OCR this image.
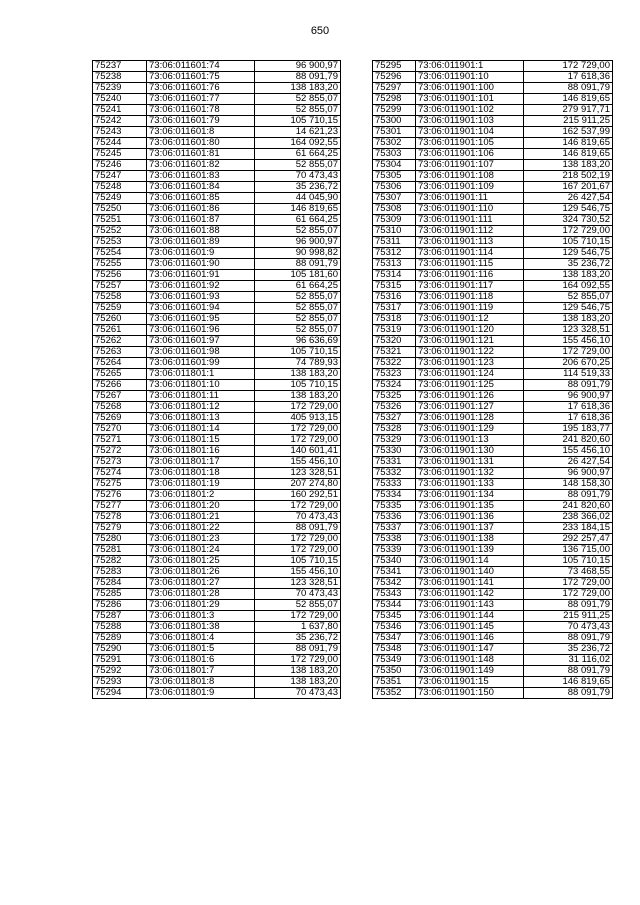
650
75237	73:06:011601:74	96 900,97
75238	73:06:011601:75	88 091,79
75239	73:06:011601:76	138 183,20
75240	73:06:011601:77	52 855,07
75241	73:06:011601:78	52 855,07
75242	73:06:011601:79	105 710,15
75243	73:06:011601:8	14 621,23
75244	73:06:011601:80	164 092,55
75245	73:06:011601:81	61 664,25
75246	73:06:011601:82	52 855,07
75247	73:06:011601:83	70 473,43
75248	73:06:011601:84	35 236,72
75249	73:06:011601:85	44 045,90
75250	73:06:011601:86	146 819,65
75251	73:06:011601:87	61 664,25
75252	73:06:011601:88	52 855,07
75253	73:06:011601:89	96 900,97
75254	73:06:011601:9	90 998,82
75255	73:06:011601:90	88 091,79
75256	73:06:011601:91	105 181,60
75257	73:06:011601:92	61 664,25
75258	73:06:011601:93	52 855,07
75259	73:06:011601:94	52 855,07
75260	73:06:011601:95	52 855,07
75261	73:06:011601:96	52 855,07
75262	73:06:011601:97	96 636,69
75263	73:06:011601:98	105 710,15
75264	73:06:011601:99	74 789,93
75265	73:06:011801:1	138 183,20
75266	73:06:011801:10	105 710,15
75267	73:06:011801:11	138 183,20
75268	73:06:011801:12	172 729,00
75269	73:06:011801:13	405 913,15
75270	73:06:011801:14	172 729,00
75271	73:06:011801:15	172 729,00
75272	73:06:011801:16	140 601,41
75273	73:06:011801:17	155 456,10
75274	73:06:011801:18	123 328,51
75275	73:06:011801:19	207 274,80
75276	73:06:011801:2	160 292,51
75277	73:06:011801:20	172 729,00
75278	73:06:011801:21	70 473,43
75279	73:06:011801:22	88 091,79
75280	73:06:011801:23	172 729,00
75281	73:06:011801:24	172 729,00
75282	73:06:011801:25	105 710,15
75283	73:06:011801:26	155 456,10
75284	73:06:011801:27	123 328,51
75285	73:06:011801:28	70 473,43
75286	73:06:011801:29	52 855,07
75287	73:06:011801:3	172 729,00
75288	73:06:011801:38	1 637,80
75289	73:06:011801:4	35 236,72
75290	73:06:011801:5	88 091,79
75291	73:06:011801:6	172 729,00
75292	73:06:011801:7	138 183,20
75293	73:06:011801:8	138 183,20
75294	73:06:011801:9	70 473,43
75295	73:06:011901:1	172 729,00
75296	73:06:011901:10	17 618,36
75297	73:06:011901:100	88 091,79
75298	73:06:011901:101	146 819,65
75299	73:06:011901:102	279 917,71
75300	73:06:011901:103	215 911,25
75301	73:06:011901:104	162 537,99
75302	73:06:011901:105	146 819,65
75303	73:06:011901:106	146 819,65
75304	73:06:011901:107	138 183,20
75305	73:06:011901:108	218 502,19
75306	73:06:011901:109	167 201,67
75307	73:06:011901:11	26 427,54
75308	73:06:011901:110	129 546,75
75309	73:06:011901:111	324 730,52
75310	73:06:011901:112	172 729,00
75311	73:06:011901:113	105 710,15
75312	73:06:011901:114	129 546,75
75313	73:06:011901:115	35 236,72
75314	73:06:011901:116	138 183,20
75315	73:06:011901:117	164 092,55
75316	73:06:011901:118	52 855,07
75317	73:06:011901:119	129 546,75
75318	73:06:011901:12	138 183,20
75319	73:06:011901:120	123 328,51
75320	73:06:011901:121	155 456,10
75321	73:06:011901:122	172 729,00
75322	73:06:011901:123	206 670,25
75323	73:06:011901:124	114 519,33
75324	73:06:011901:125	88 091,79
75325	73:06:011901:126	96 900,97
75326	73:06:011901:127	17 618,36
75327	73:06:011901:128	17 618,36
75328	73:06:011901:129	195 183,77
75329	73:06:011901:13	241 820,60
75330	73:06:011901:130	155 456,10
75331	73:06:011901:131	26 427,54
75332	73:06:011901:132	96 900,97
75333	73:06:011901:133	148 158,30
75334	73:06:011901:134	88 091,79
75335	73:06:011901:135	241 820,60
75336	73:06:011901:136	238 366,02
75337	73:06:011901:137	233 184,15
75338	73:06:011901:138	292 257,47
75339	73:06:011901:139	136 715,00
75340	73:06:011901:14	105 710,15
75341	73:06:011901:140	73 468,55
75342	73:06:011901:141	172 729,00
75343	73:06:011901:142	172 729,00
75344	73:06:011901:143	88 091,79
75345	73:06:011901:144	215 911,25
75346	73:06:011901:145	70 473,43
75347	73:06:011901:146	88 091,79
75348	73:06:011901:147	35 236,72
75349	73:06:011901:148	31 116,02
75350	73:06:011901:149	88 091,79
75351	73:06:011901:15	146 819,65
75352	73:06:011901:150	88 091,79
